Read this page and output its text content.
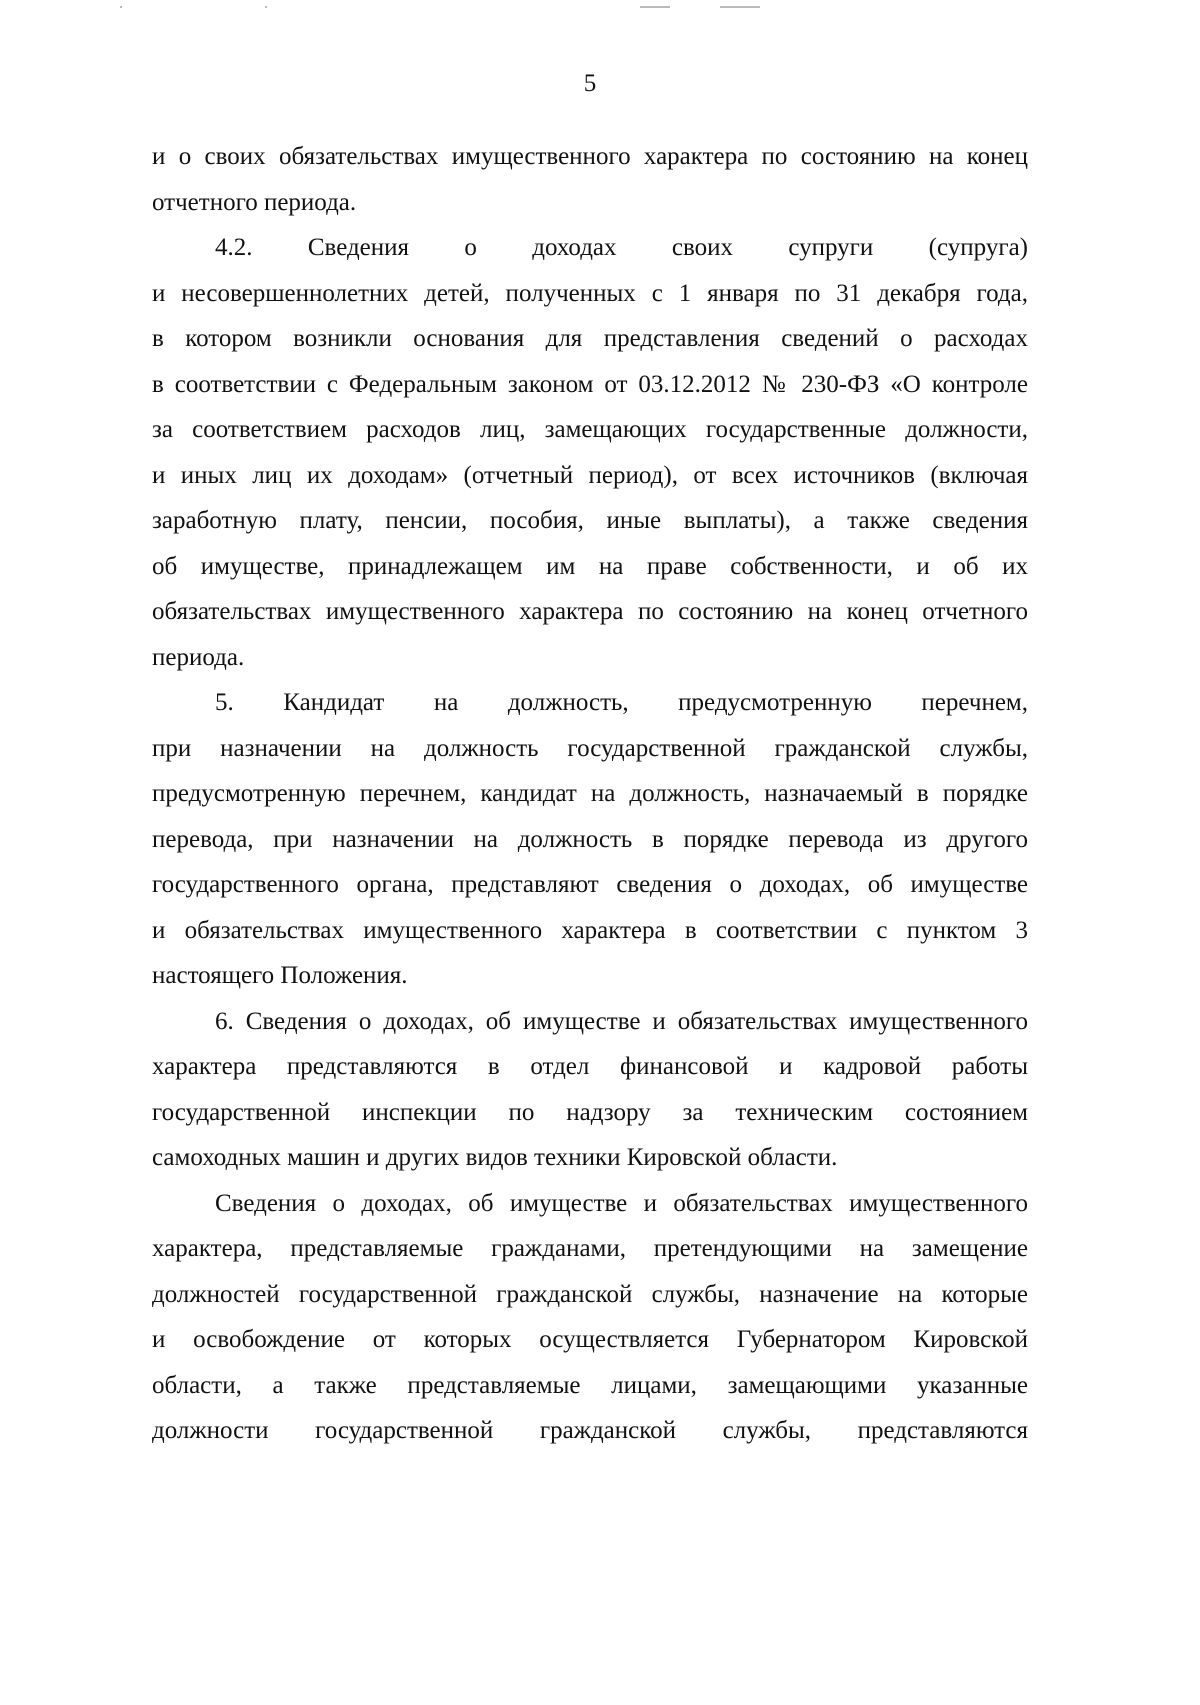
5
и о своих обязательствах имущественного характера по состоянию на конец
отчетного периода.
4.2. Сведения о доходах своих супруги (супруга)
и несовершеннолетних детей, полученных с 1 января по 31 декабря года,
в котором возникли основания для представления сведений о расходах
в соответствии с Федеральным законом от 03.12.2012 № 230-ФЗ «О контроле
за соответствием расходов лиц, замещающих государственные должности,
и иных лиц их доходам» (отчетный период), от всех источников (включая
заработную плату, пенсии, пособия, иные выплаты), а также сведения
об имуществе, принадлежащем им на праве собственности, и об их
обязательствах имущественного характера по состоянию на конец отчетного
периода.
5. Кандидат на должность, предусмотренную перечнем,
при назначении на должность государственной гражданской службы,
предусмотренную перечнем, кандидат на должность, назначаемый в порядке
перевода, при назначении на должность в порядке перевода из другого
государственного органа, представляют сведения о доходах, об имуществе
и обязательствах имущественного характера в соответствии с пунктом 3
настоящего Положения.
6. Сведения о доходах, об имуществе и обязательствах имущественного
характера представляются в отдел финансовой и кадровой работы
государственной инспекции по надзору за техническим состоянием
самоходных машин и других видов техники Кировской области.
Сведения о доходах, об имуществе и обязательствах имущественного
характера, представляемые гражданами, претендующими на замещение
должностей государственной гражданской службы, назначение на которые
и освобождение от которых осуществляется Губернатором Кировской
области, а также представляемые лицами, замещающими указанные
должности государственной гражданской службы, представляются
